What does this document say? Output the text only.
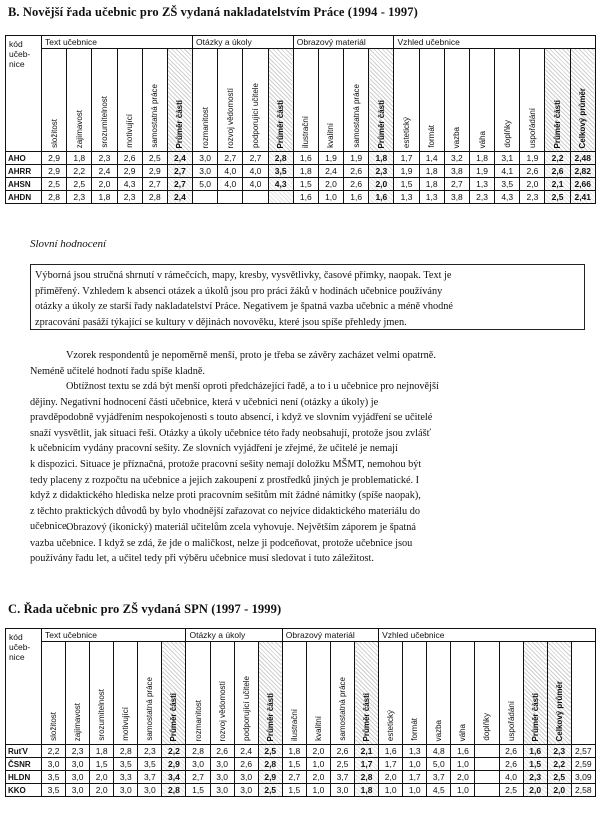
B. Novější řada učebnic pro ZŠ vydaná nakladatelstvím Práce (1994 - 1997)
kód
učeb-
nice	Text učebnice						Otázky a úkoly				Obrazový materiál				Vzhled učebnice							

	složitost	zajímavost	srozumitelnost	motivující	samostatná práce	Průměr části	rozmanitost	rozvoj vědomostí	podporující učitele	Průměr části	ilustrační	kvalitní	samostatná práce	Průměr části	estetický	formát	vazba	váha	doplňky	uspořádání	Průměr části	Celkový průměr

AHO	2,9	1,8	2,3	2,6	2,5	2,4	3,0	2,7	2,7	2,8	1,6	1,9	1,9	1,8	1,7	1,4	3,2	1,8	3,1	1,9	2,2	2,48
AHRR	2,9	2,2	2,4	2,9	2,9	2,7	3,0	4,0	4,0	3,5	1,8	2,4	2,6	2,3	1,9	1,8	3,8	1,9	4,1	2,6	2,6	2,82
AHSN	2,5	2,5	2,0	4,3	2,7	2,7	5,0	4,0	4,0	4,3	1,5	2,0	2,6	2,0	1,5	1,8	2,7	1,3	3,5	2,0	2,1	2,66
AHDN	2,8	2,3	1,8	2,3	2,8	2,4					1,6	1,0	1,6	1,6	1,3	1,3	3,8	2,3	4,3	2,3	2,5	2,41
Slovní hodnocení
Výborná jsou stručná shrnutí v rámečcích, mapy, kresby, vysvětlivky, časové přímky, naopak. Text je
přiměřený. Vzhledem k absenci otázek a úkolů jsou pro práci žáků v hodinách učebnice používány
otázky a úkoly ze starší řady nakladatelství Práce. Negativem je špatná vazba učebnic a méně vhodné
zpracování pasáží týkající se kultury v dějinách novověku, které jsou spíše přehledy jmen.
Vzorek respondentů je nepoměrně menší, proto je třeba se závěry zacházet velmi opatrně.
Neméně učitelé hodnotí řadu spíše kladně.
Obtížnost textu se zdá být menší oproti předcházející řadě, a to i u učebnice pro nejnovější
dějiny. Negativní hodnocení části učebnice, která v učebnici není (otázky a úkoly) je
pravděpodobně vyjádřením nespokojenosti s touto absencí, i když ve slovním vyjádření se učitelé
snaží vysvětlit, jak situaci řeší. Otázky a úkoly učebnice této řady neobsahují, protože jsou zvlášť
k učebnicím vydány pracovní sešity. Ze slovních vyjádření je zřejmé, že učitelé je nemají
k dispozici. Situace je příznačná, protože pracovní sešity nemají doložku MŠMT, nemohou být
tedy placeny z rozpočtu na učebnice a jejich zakoupení z prostředků jiných je problematické. I
když z didaktického hlediska nelze proti pracovním sešitům mít žádné námitky (spíše naopak),
z těchto praktických důvodů by bylo vhodnější zařazovat co nejvíce didaktického materiálu do
učebnice.
Obrazový (ikonický) materiál učitelům zcela vyhovuje. Největším záporem je špatná
vazba učebnice. I když se zdá, že jde o maličkost, nelze ji podceňovat, protože učebnice jsou
používány řadu let, a učitel tedy při výběru učebnice musí sledovat i tuto záležitost.
C. Řada učebnic pro ZŠ vydaná SPN (1997 - 1999)
kód
učeb-
nice	Text učebnice						Otázky a úkoly				Obrazový materiál				Vzhled učebnice								

	složitost	zajímavost	srozumitelnost	motivující	samostatná práce	Průměr části	rozmanitost	rozvoj vědomostí	podporující učitele	Průměr části	ilustrační	kvalitní	samostatná práce	Průměr části	estetický	formát	vazba	váha	doplňky	uspořádání	Průměr části	Celkový průměr	

RuťV	2,2	2,3	1,8	2,8	2,3	2,2	2,8	2,6	2,4	2,5	1,8	2,0	2,6	2,1	1,6	1,3	4,8	1,6		2,6	1,6	2,3	2,57
ČSNR	3,0	3,0	1,5	3,5	3,5	2,9	3,0	3,0	2,6	2,8	1,5	1,0	2,5	1,7	1,7	1,0	5,0	1,0		2,6	1,5	2,2	2,59
HLDN	3,5	3,0	2,0	3,3	3,7	3,4	2,7	3,0	3,0	2,9	2,7	2,0	3,7	2,8	2,0	1,7	3,7	2,0		4,0	2,3	2,5	3,09
KKO	3,5	3,0	2,0	3,0	3,0	2,8	1,5	3,0	3,0	2,5	1,5	1,0	3,0	1,8	1,0	1,0	4,5	1,0		2,5	2,0	2,0	2,58
